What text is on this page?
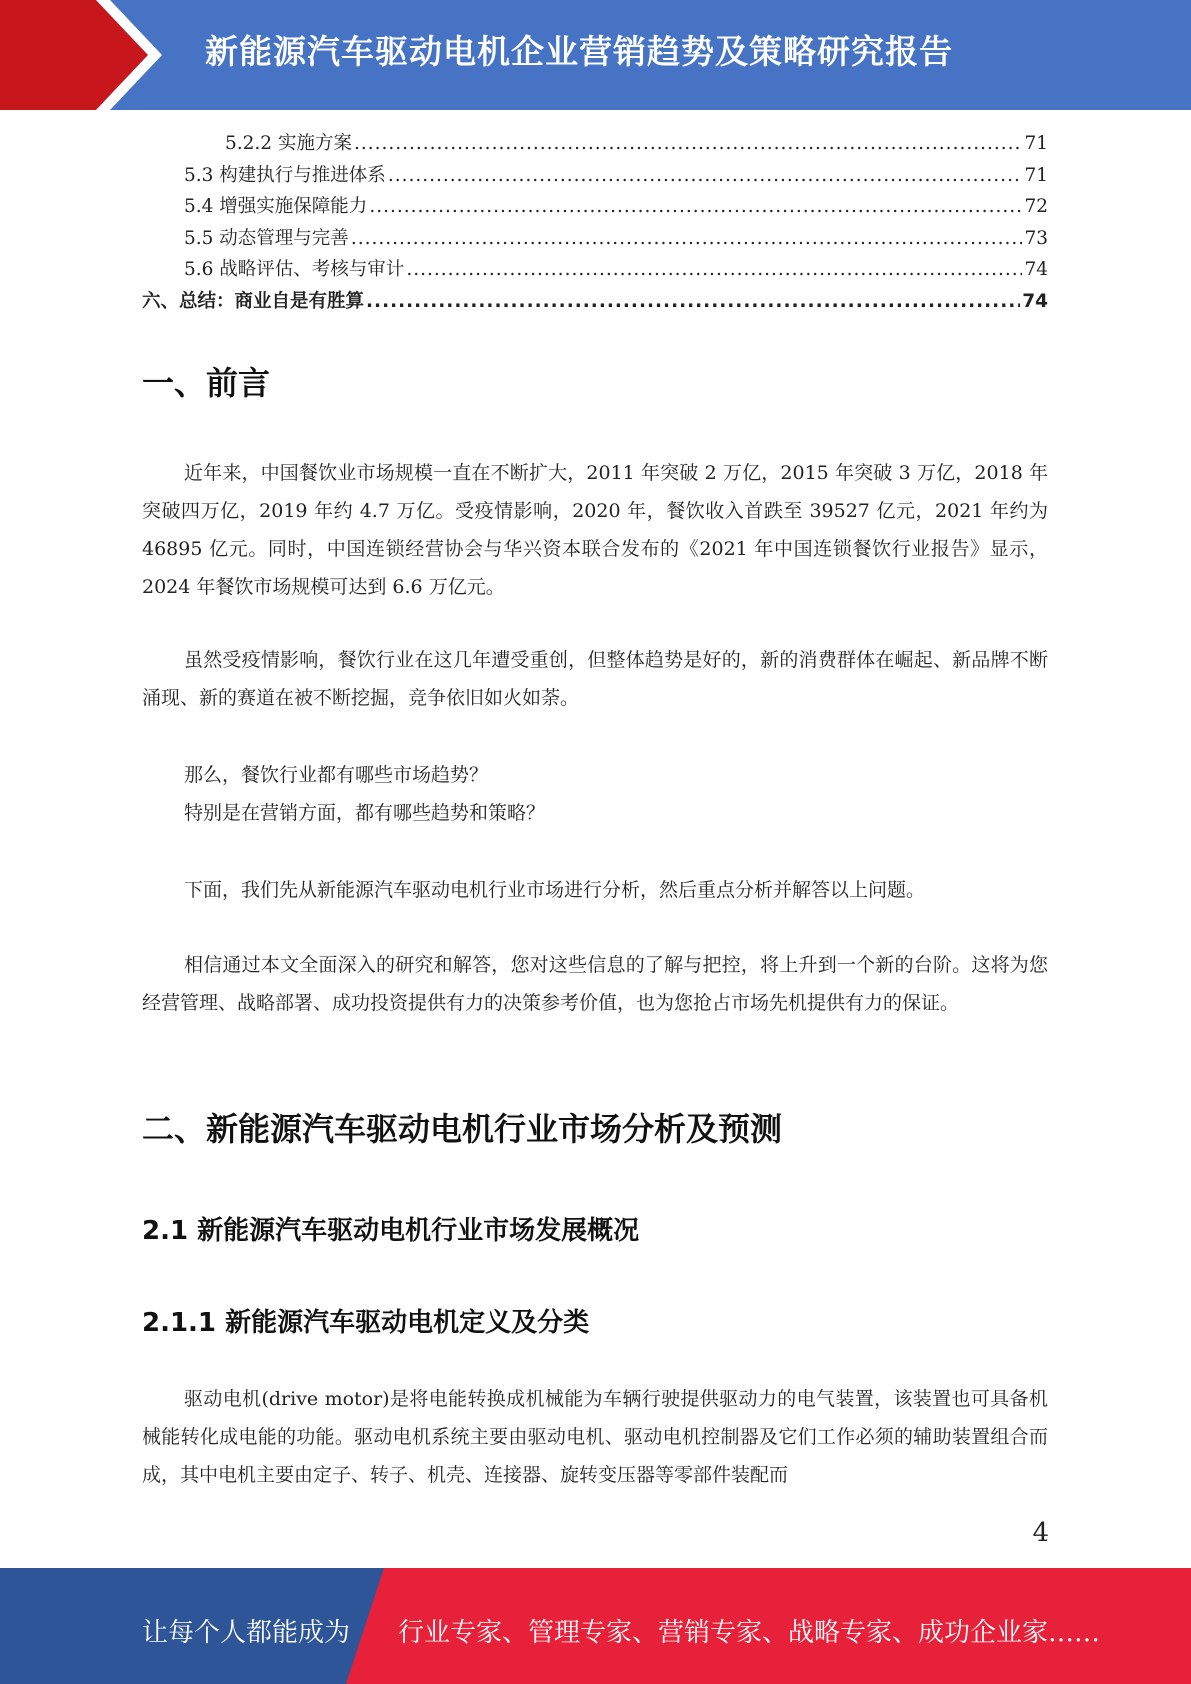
新能源汽车驱动电机企业营销趋势及策略研究报告
5.2.2 实施方案 .....	71
5.3 构建执行与推进体系 .....	71
5.4 增强实施保障能力 .....	72
5.5 动态管理与完善 .....	73
5.6 战略评估、考核与审计 .....	74
六、总结：商业自是有胜算 .....	74
一、前言

近年来，中国餐饮业市场规模一直在不断扩大，2011 年突破 2 万亿，2015 年突破 3 万亿，2018 年突破四万亿，2019 年约 4.7 万亿。受疫情影响，2020 年，餐饮收入首跌至 39527 亿元，2021 年约为 46895 亿元。同时，中国连锁经营协会与华兴资本联合发布的《2021 年中国连锁餐饮行业报告》显示，2024 年餐饮市场规模可达到 6.6 万亿元。

虽然受疫情影响，餐饮行业在这几年遭受重创，但整体趋势是好的，新的消费群体在崛起、新品牌不断涌现、新的赛道在被不断挖掘，竞争依旧如火如荼。

那么，餐饮行业都有哪些市场趋势？

特别是在营销方面，都有哪些趋势和策略？

下面，我们先从新能源汽车驱动电机行业市场进行分析，然后重点分析并解答以上问题。

相信通过本文全面深入的研究和解答，您对这些信息的了解与把控，将上升到一个新的台阶。这将为您经营管理、战略部署、成功投资提供有力的决策参考价值，也为您抢占市场先机提供有力的保证。

二、新能源汽车驱动电机行业市场分析及预测
2.1 新能源汽车驱动电机行业市场发展概况
2.1.1 新能源汽车驱动电机定义及分类

驱动电机(drive motor)是将电能转换成机械能为车辆行驶提供驱动力的电气装置，该装置也可具备机械能转化成电能的功能。驱动电机系统主要由驱动电机、驱动电机控制器及它们工作必须的辅助装置组合而成，其中电机主要由定子、转子、机壳、连接器、旋转变压器等零部件装配而

4
让每个人都能成为 行业专家、管理专家、营销专家、战略专家、成功企业家……
